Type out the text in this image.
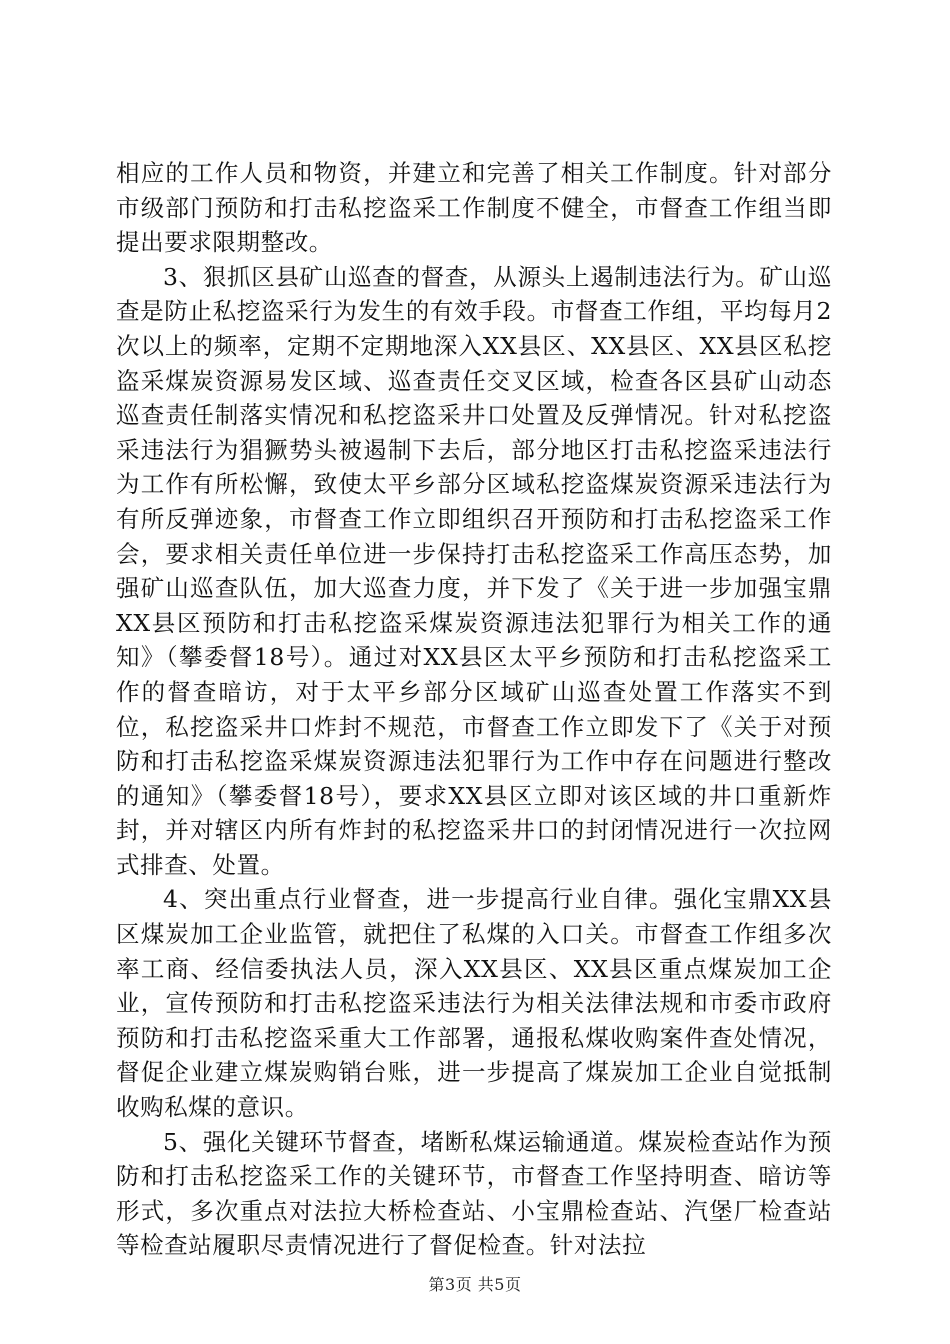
相应的工作人员和物资，并建立和完善了相关工作制度。针对部分市级部门预防和打击私挖盗采工作制度不健全，市督查工作组当即提出要求限期整改。

3、狠抓区县矿山巡查的督查，从源头上遏制违法行为。矿山巡查是防止私挖盗采行为发生的有效手段。市督查工作组，平均每月2次以上的频率，定期不定期地深入XX县区、XX县区、XX县区私挖盗采煤炭资源易发区域、巡查责任交叉区域，检查各区县矿山动态巡查责任制落实情况和私挖盗采井口处置及反弹情况。针对私挖盗采违法行为猖獗势头被遏制下去后，部分地区打击私挖盗采违法行为工作有所松懈，致使太平乡部分区域私挖盗煤炭资源采违法行为有所反弹迹象，市督查工作立即组织召开预防和打击私挖盗采工作会，要求相关责任单位进一步保持打击私挖盗采工作高压态势，加强矿山巡查队伍，加大巡查力度，并下发了《关于进一步加强宝鼎XX县区预防和打击私挖盗采煤炭资源违法犯罪行为相关工作的通知》（攀委督18号）。通过对XX县区太平乡预防和打击私挖盗采工作的督查暗访，对于太平乡部分区域矿山巡查处置工作落实不到位，私挖盗采井口炸封不规范，市督查工作立即发下了《关于对预防和打击私挖盗采煤炭资源违法犯罪行为工作中存在问题进行整改的通知》（攀委督18号），要求XX县区立即对该区域的井口重新炸封，并对辖区内所有炸封的私挖盗采井口的封闭情况进行一次拉网式排查、处置。

4、突出重点行业督查，进一步提高行业自律。强化宝鼎XX县区煤炭加工企业监管，就把住了私煤的入口关。市督查工作组多次率工商、经信委执法人员，深入XX县区、XX县区重点煤炭加工企业，宣传预防和打击私挖盗采违法行为相关法律法规和市委市政府预防和打击私挖盗采重大工作部署，通报私煤收购案件查处情况，督促企业建立煤炭购销台账，进一步提高了煤炭加工企业自觉抵制收购私煤的意识。

5、强化关键环节督查，堵断私煤运输通道。煤炭检查站作为预防和打击私挖盗采工作的关键环节，市督查工作坚持明查、暗访等形式，多次重点对法拉大桥检查站、小宝鼎检查站、汽堡厂检查站等检查站履职尽责情况进行了督促检查。针对法拉

第3页 共5页
